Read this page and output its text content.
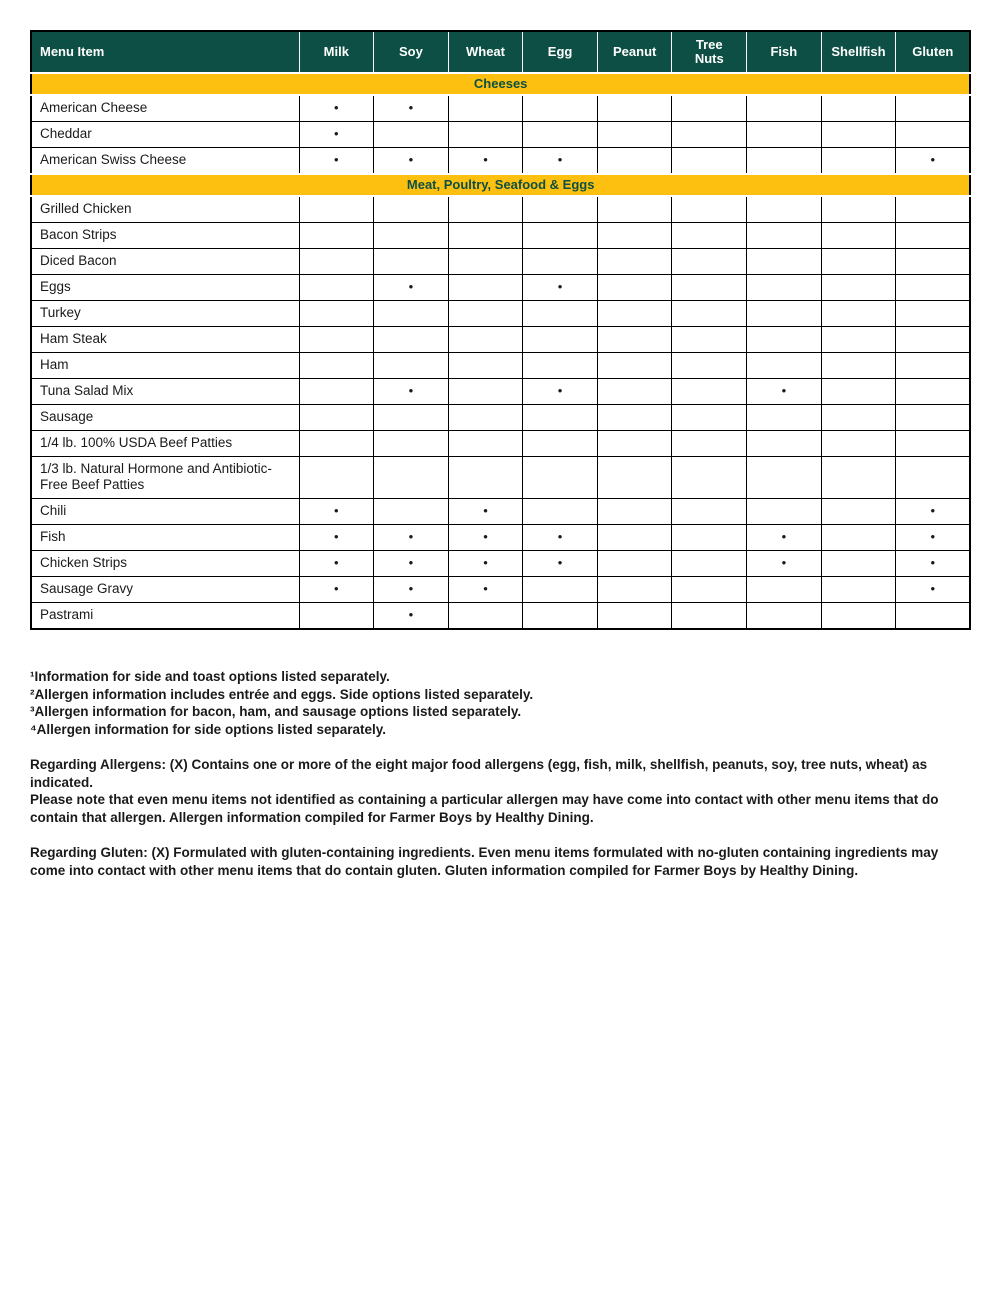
Menu Item	Milk	Soy	Wheat	Egg	Peanut	Tree Nuts	Fish	Shellfish	Gluten
Cheeses									
American Cheese	•	•							
Cheddar	•								
American Swiss Cheese	•	•	•	•					•
Meat, Poultry, Seafood & Eggs									
Grilled Chicken									
Bacon Strips									
Diced Bacon									
Eggs		•		•					
Turkey									
Ham Steak									
Ham									
Tuna Salad Mix		•		•			•		
Sausage									
1/4 lb. 100% USDA Beef Patties									
1/3 lb. Natural Hormone and Antibiotic-Free Beef Patties									
Chili	•		•						•
Fish	•	•	•	•			•		•
Chicken Strips	•	•	•	•			•		•
Sausage Gravy	•	•	•						•
Pastrami		•							

¹Information for side and toast options listed separately.

²Allergen information includes entrée and eggs. Side options listed separately.

³Allergen information for bacon, ham, and sausage options listed separately.

⁴Allergen information for side options listed separately.

Regarding Allergens: (X) Contains one or more of the eight major food allergens (egg, fish, milk, shellfish, peanuts, soy, tree nuts, wheat) as indicated.

Please note that even menu items not identified as containing a particular allergen may have come into contact with other menu items that do contain that allergen. Allergen information compiled for Farmer Boys by Healthy Dining.

Regarding Gluten: (X) Formulated with gluten-containing ingredients. Even menu items formulated with no-gluten containing ingredients may come into contact with other menu items that do contain gluten. Gluten information compiled for Farmer Boys by Healthy Dining.
